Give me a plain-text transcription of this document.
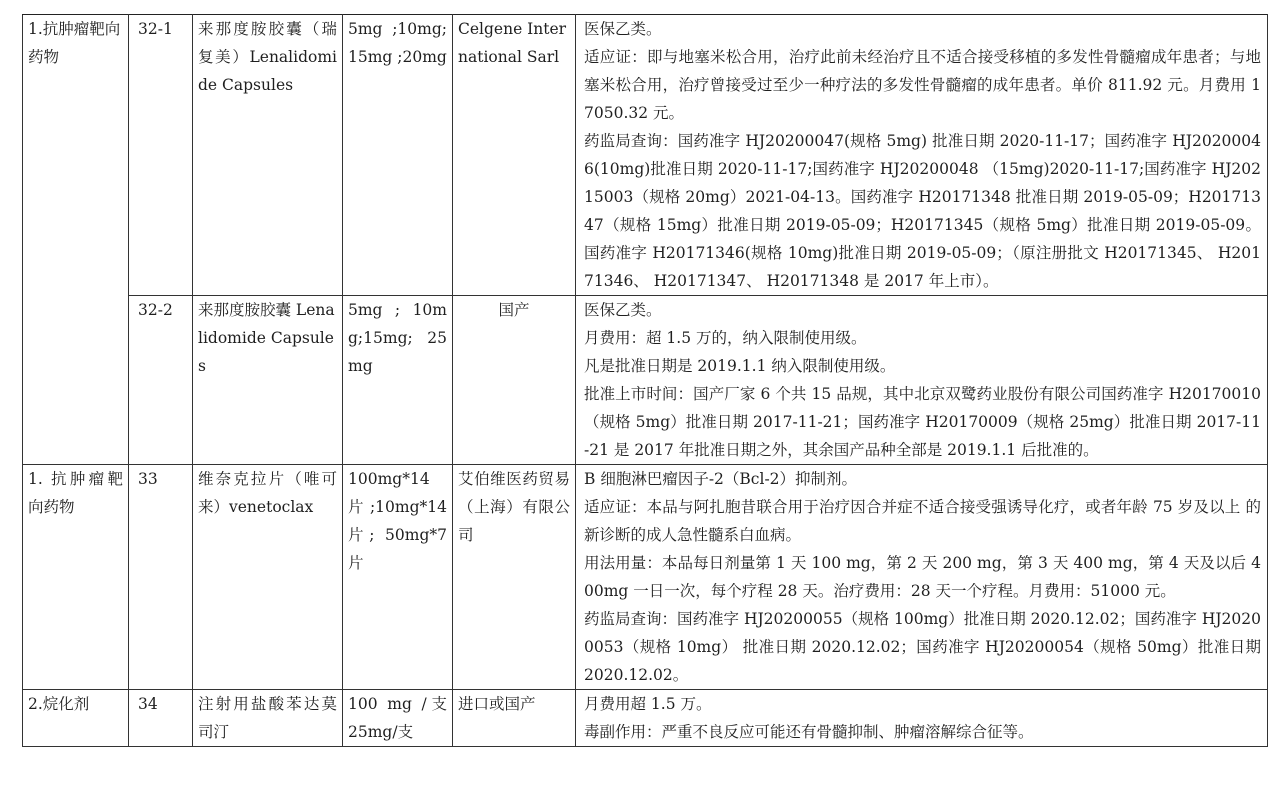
1.抗肿瘤靶向药物	32-1	来那度胺胶囊（瑞复美）Lenalidomide Capsules	5mg ;10mg;15mg ;20mg	Celgene International Sarl	医保乙类。

适应证：即与地塞米松合用，治疗此前未经治疗且不适合接受移植的多发性骨髓瘤成年患者；与地塞米松合用，治疗曾接受过至少一种疗法的多发性骨髓瘤的成年患者。单价 811.92 元。月费用 17050.32 元。

药监局查询：国药准字 HJ20200047(规格 5mg) 批准日期 2020-11-17；国药准字 HJ20200046(10mg)批准日期 2020-11-17;国药准字 HJ20200048 （15mg)2020-11-17;国药准字 HJ20215003（规格 20mg）2021-04-13。国药准字 H20171348 批准日期 2019-05-09；H20171347（规格 15mg）批准日期 2019-05-09；H20171345（规格 5mg）批准日期 2019-05-09。国药准字 H20171346(规格 10mg)批准日期 2019-05-09；（原注册批文 H20171345、 H20171346、 H20171347、 H20171348 是 2017 年上市）。

	32-2	来那度胺胶囊 Lenalidomide Capsules	5mg ; 10mg;15mg; 25mg	国产	医保乙类。

月费用：超 1.5 万的，纳入限制使用级。

凡是批准日期是 2019.1.1 纳入限制使用级。

批准上市时间：国产厂家 6 个共 15 品规，其中北京双鹭药业股份有限公司国药准字 H20170010（规格 5mg）批准日期 2017-11-21；国药准字 H20170009（规格 25mg）批准日期 2017-11-21 是 2017 年批准日期之外，其余国产品种全部是 2019.1.1 后批准的。

1. 抗肿瘤靶向药物	33	维奈克拉片（唯可来）venetoclax	100mg*14 片;10mg*14 片; 50mg*7 片	艾伯维医药贸易（上海）有限公司	B 细胞淋巴瘤因子-2（Bcl-2）抑制剂。

适应证：本品与阿扎胞昔联合用于治疗因合并症不适合接受强诱导化疗，或者年龄 75 岁及以上 的新诊断的成人急性髓系白血病。

用法用量：本品每日剂量第 1 天 100 mg，第 2 天 200 mg，第 3 天 400 mg，第 4 天及以后 400mg 一日一次，每个疗程 28 天。治疗费用：28 天一个疗程。月费用：51000 元。

药监局查询：国药准字 HJ20200055（规格 100mg）批准日期 2020.12.02；国药准字 HJ20200053（规格 10mg） 批准日期 2020.12.02；国药准字 HJ20200054（规格 50mg）批准日期 2020.12.02。

2.烷化剂	34	注射用盐酸苯达莫司汀	100 mg /支 25mg/支	进口或国产	月费用超 1.5 万。

毒副作用：严重不良反应可能还有骨髓抑制、肿瘤溶解综合征等。
